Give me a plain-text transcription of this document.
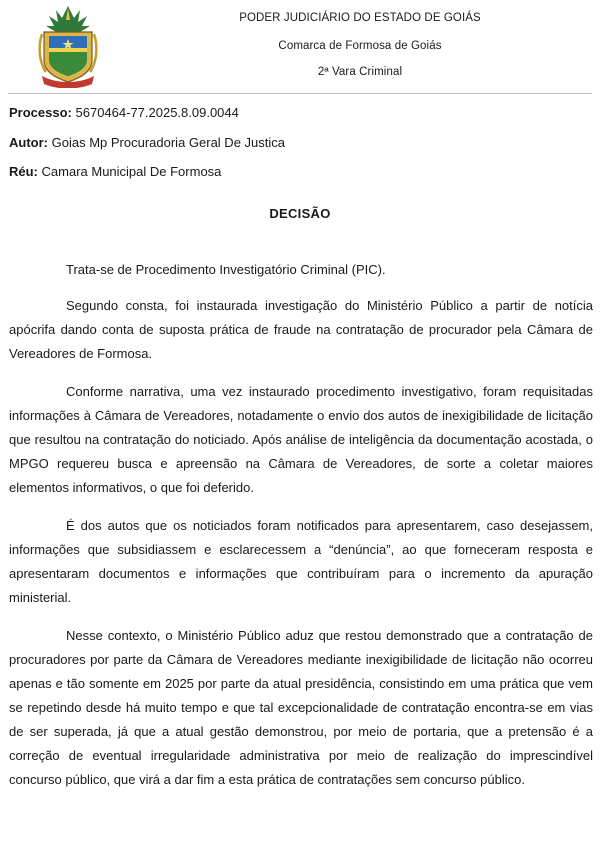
PODER JUDICIÁRIO DO ESTADO DE GOIÁS
Comarca de Formosa de Goiás
2ª Vara Criminal
Processo: 5670464-77.2025.8.09.0044
Autor: Goias Mp Procuradoria Geral De Justica
Réu: Camara Municipal De Formosa
DECISÃO

Trata-se de Procedimento Investigatório Criminal (PIC).

Segundo consta, foi instaurada investigação do Ministério Público a partir de notícia apócrifa dando conta de suposta prática de fraude na contratação de procurador pela Câmara de Vereadores de Formosa.

Conforme narrativa, uma vez instaurado procedimento investigativo, foram requisitadas informações à Câmara de Vereadores, notadamente o envio dos autos de inexigibilidade de licitação que resultou na contratação do noticiado. Após análise de inteligência da documentação acostada, o MPGO requereu busca e apreensão na Câmara de Vereadores, de sorte a coletar maiores elementos informativos, o que foi deferido.

É dos autos que os noticiados foram notificados para apresentarem, caso desejassem, informações que subsidiassem e esclarecessem a “denúncia”, ao que forneceram resposta e apresentaram documentos e informações que contribuíram para o incremento da apuração ministerial.

Nesse contexto, o Ministério Público aduz que restou demonstrado que a contratação de procuradores por parte da Câmara de Vereadores mediante inexigibilidade de licitação não ocorreu apenas e tão somente em 2025 por parte da atual presidência, consistindo em uma prática que vem se repetindo desde há muito tempo e que tal excepcionalidade de contratação encontra-se em vias de ser superada, já que a atual gestão demonstrou, por meio de portaria, que a pretensão é a correção de eventual irregularidade administrativa por meio de realização do imprescindível concurso público, que virá a dar fim a esta prática de contratações sem concurso público.
